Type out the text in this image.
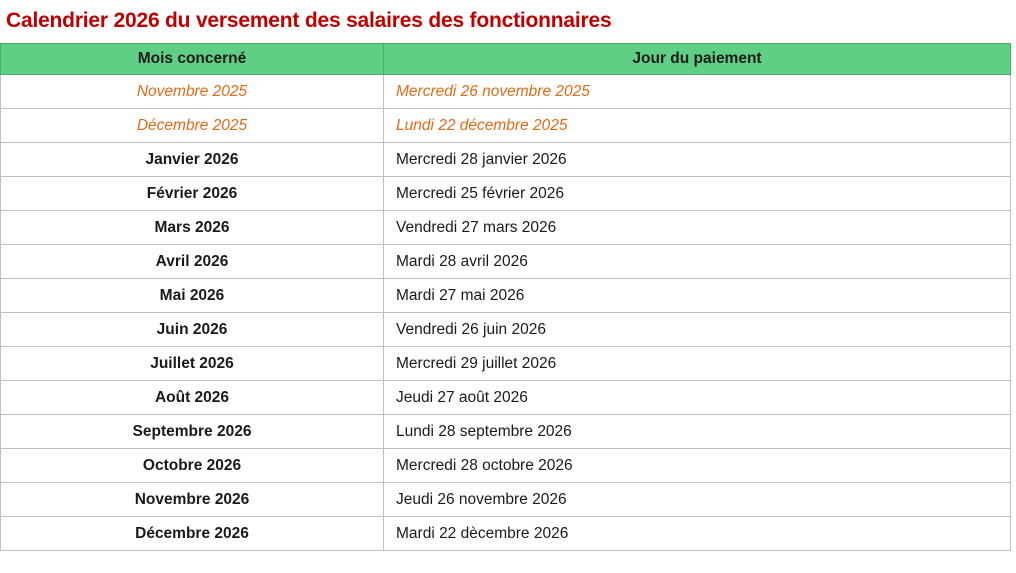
Calendrier 2026 du versement des salaires des fonctionnaires
Mois concerné	Jour du paiement
Novembre 2025	Mercredi 26 novembre 2025
Décembre 2025	Lundi 22 décembre 2025
Janvier 2026	Mercredi 28 janvier 2026
Février 2026	Mercredi 25 février 2026
Mars 2026	Vendredi 27 mars 2026
Avril 2026	Mardi 28 avril 2026
Mai 2026	Mardi 27 mai 2026
Juin 2026	Vendredi 26 juin 2026
Juillet 2026	Mercredi 29 juillet 2026
Août 2026	Jeudi 27 août 2026
Septembre 2026	Lundi 28 septembre 2026
Octobre 2026	Mercredi 28 octobre 2026
Novembre 2026	Jeudi 26 novembre 2026
Décembre 2026	Mardi 22 dècembre 2026
